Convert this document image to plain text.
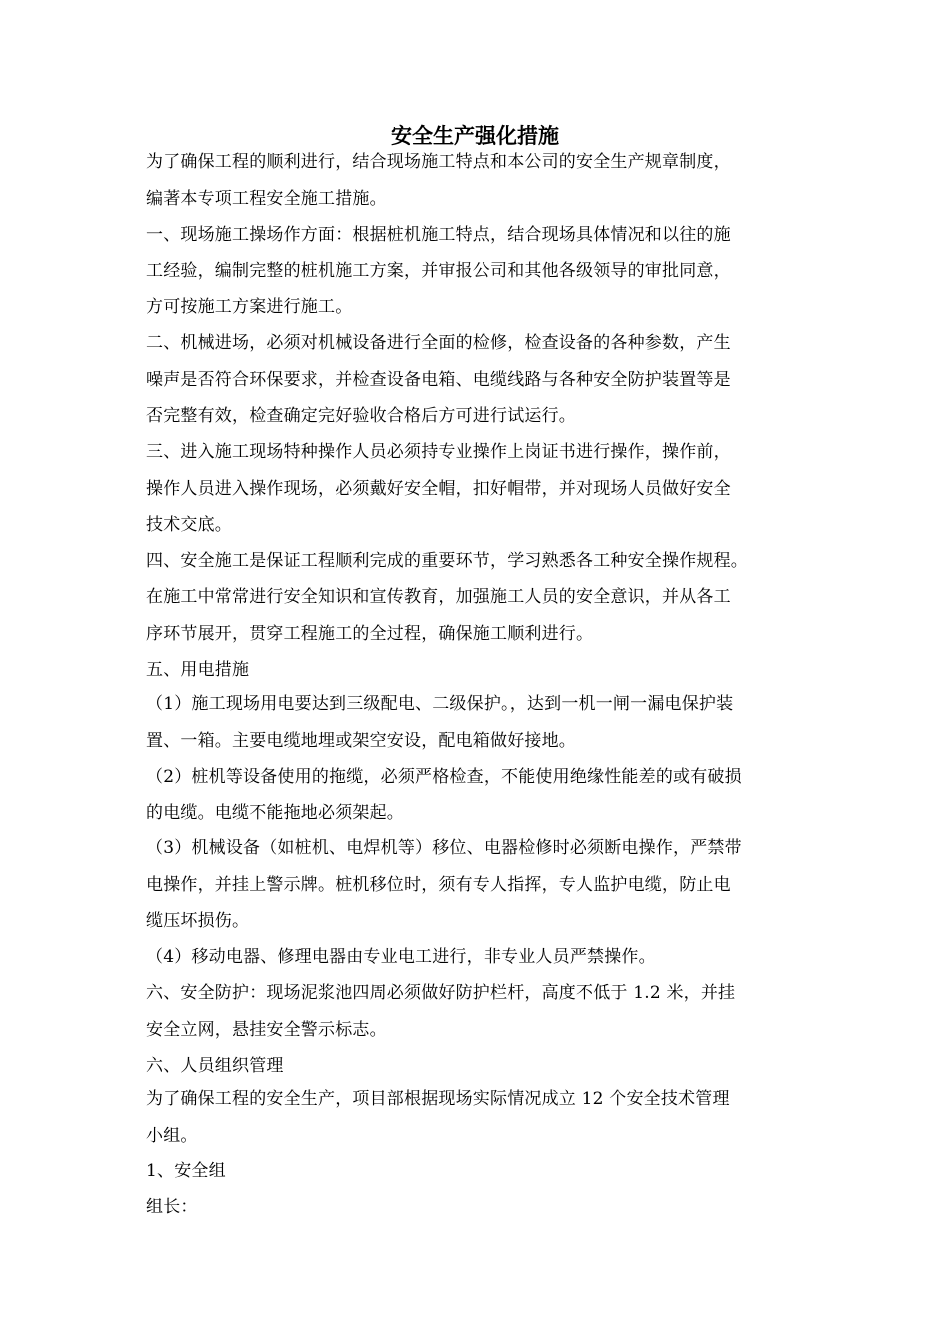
安全生产强化措施
为了确保工程的顺利进行，结合现场施工特点和本公司的安全生产规章制度，
编著本专项工程安全施工措施。
一、现场施工操场作方面：根据桩机施工特点，结合现场具体情况和以往的施
工经验，编制完整的桩机施工方案，并审报公司和其他各级领导的审批同意，
方可按施工方案进行施工。
二、机械进场，必须对机械设备进行全面的检修，检查设备的各种参数，产生
噪声是否符合环保要求，并检查设备电箱、电缆线路与各种安全防护装置等是
否完整有效，检查确定完好验收合格后方可进行试运行。
三、进入施工现场特种操作人员必须持专业操作上岗证书进行操作，操作前，
操作人员进入操作现场，必须戴好安全帽，扣好帽带，并对现场人员做好安全
技术交底。
四、安全施工是保证工程顺利完成的重要环节，学习熟悉各工种安全操作规程。
在施工中常常进行安全知识和宣传教育，加强施工人员的安全意识，并从各工
序环节展开，贯穿工程施工的全过程，确保施工顺利进行。
五、用电措施
（1）施工现场用电要达到三级配电、二级保护。，达到一机一闸一漏电保护装
置、一箱。主要电缆地埋或架空安设，配电箱做好接地。
（2）桩机等设备使用的拖缆，必须严格检查，不能使用绝缘性能差的或有破损
的电缆。电缆不能拖地必须架起。
（3）机械设备（如桩机、电焊机等）移位、电器检修时必须断电操作，严禁带
电操作，并挂上警示牌。桩机移位时，须有专人指挥，专人监护电缆，防止电
缆压坏损伤。
（4）移动电器、修理电器由专业电工进行，非专业人员严禁操作。
六、安全防护：现场泥浆池四周必须做好防护栏杆，高度不低于 1.2 米，并挂
安全立网，悬挂安全警示标志。
六、人员组织管理
为了确保工程的安全生产，项目部根据现场实际情况成立 12 个安全技术管理
小组。
1、安全组
组长：
